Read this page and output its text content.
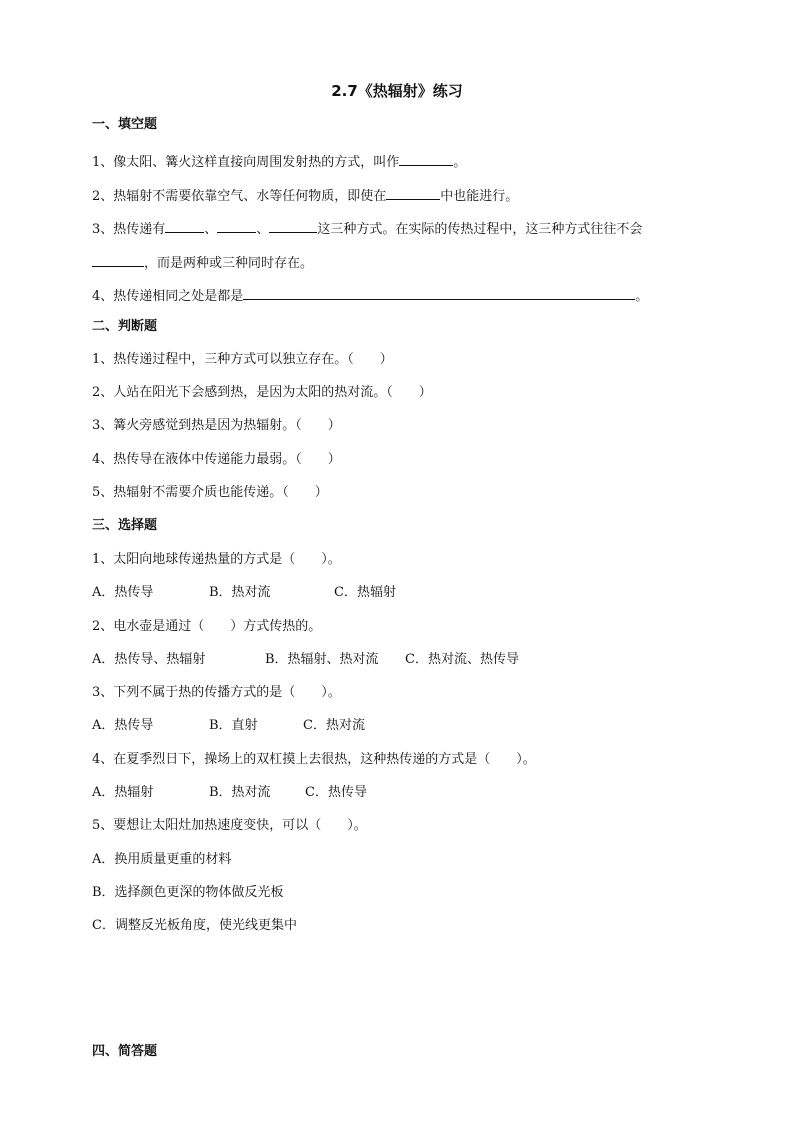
2.7《热辐射》练习
一、填空题
1、像太阳、篝火这样直接向周围发射热的方式，叫作	。
2、热辐射不需要依靠空气、水等任何物质，即使在	中也能进行。
3、热传递有	、	、	这三种方式。在实际的传热过程中，这三种方式往往不会
，而是两种或三种同时存在。
4、热传递相同之处是都是	。
二、判断题
1、热传递过程中，三种方式可以独立存在。（　　）
2、人站在阳光下会感到热，是因为太阳的热对流。（　　）
3、篝火旁感觉到热是因为热辐射。（　　）
4、热传导在液体中传递能力最弱。（　　）
5、热辐射不需要介质也能传递。（　　）
三、选择题
1、太阳向地球传递热量的方式是（　　）。
A．热传导	B．热对流	C．热辐射
2、电水壶是通过（　　）方式传热的。
A．热传导、热辐射	B．热辐射、热对流 C．热对流、热传导
3、下列不属于热的传播方式的是（　　）。
A．热传导	B．直射	C．热对流
4、在夏季烈日下，操场上的双杠摸上去很热，这种热传递的方式是（　　）。
A．热辐射	B．热对流	C．热传导
5、要想让太阳灶加热速度变快，可以（　　）。
A．换用质量更重的材料
B．选择颜色更深的物体做反光板
C．调整反光板角度，使光线更集中
四、简答题
